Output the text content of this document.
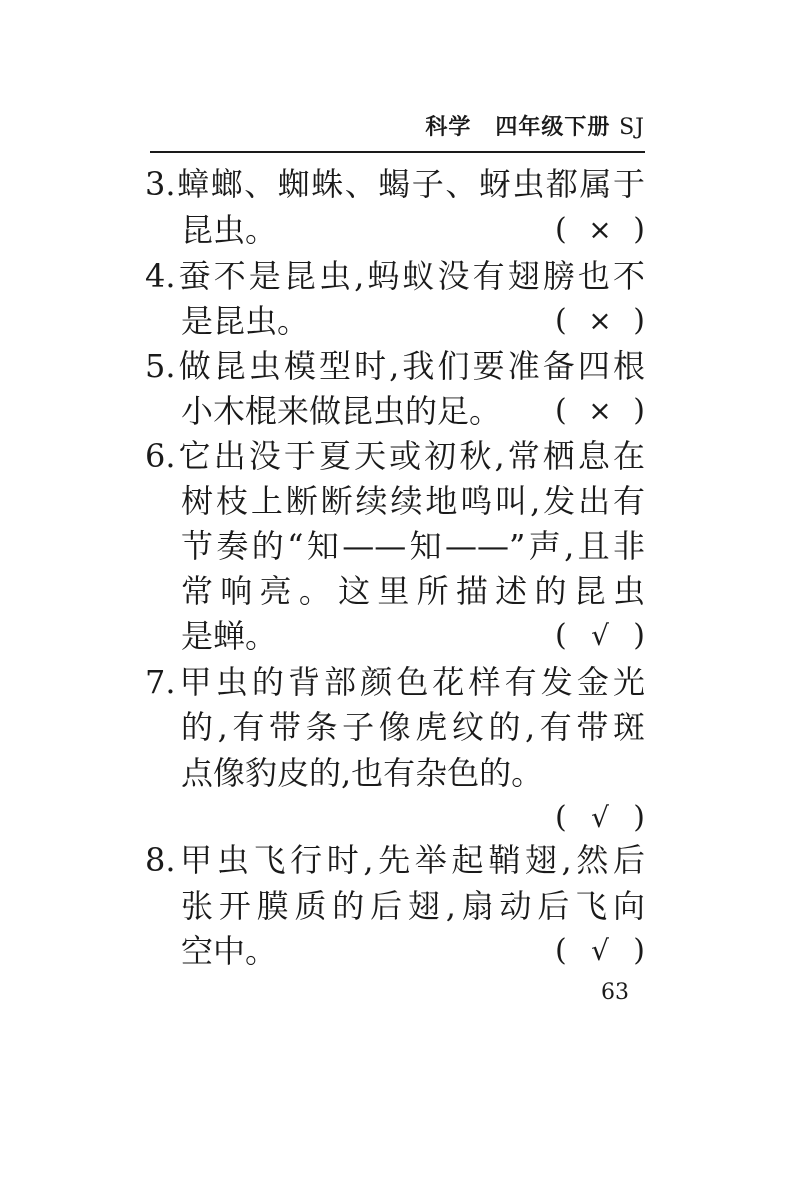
科学 四年级下册 SJ
3.蟑螂、蜘蛛、蝎子、蚜虫都属于
昆虫。	( × )
4.蚕不是昆虫,蚂蚁没有翅膀也不
是昆虫。	( × )
5.做昆虫模型时,我们要准备四根
小木棍来做昆虫的足。	( × )
6.它出没于夏天或初秋,常栖息在
树枝上断断续续地鸣叫,发出有
节奏的“知——知——”声,且非
常响亮。这里所描述的昆虫
是蝉。	( √ )
7.甲虫的背部颜色花样有发金光
的,有带条子像虎纹的,有带斑
点像豹皮的,也有杂色的。
( √ )
8.甲虫飞行时,先举起鞘翅,然后
张开膜质的后翅,扇动后飞向
空中。	( √ )
63
